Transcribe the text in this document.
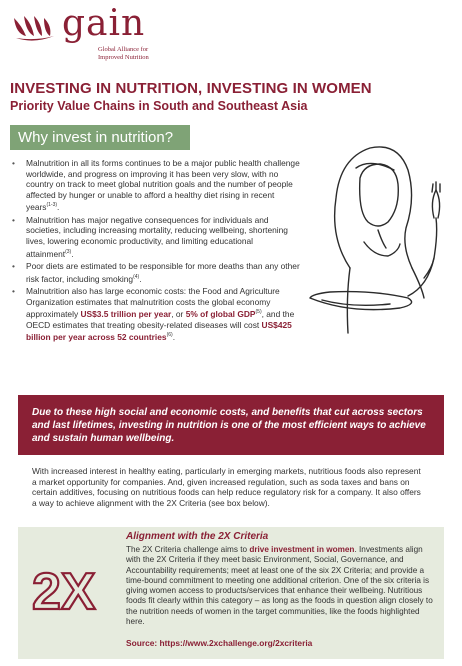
gain
Global Alliance for
Improved Nutrition
INVESTING IN NUTRITION, INVESTING IN WOMEN
Priority Value Chains in South and Southeast Asia
Why invest in nutrition?
• Malnutrition in all its forms continues to be a major public health challenge worldwide, and progress on improving it has been very slow, with no country on track to meet global nutrition goals and the number of people affected by hunger or unable to afford a healthy diet rising in recent years$^{(1-3)}$.
• Malnutrition has major negative consequences for individuals and societies, including increasing mortality, reducing wellbeing, shortening lives, lowering economic productivity, and limiting educational attainment$^{(3)}$.
• Poor diets are estimated to be responsible for more deaths than any other risk factor, including smoking$^{(4)}$.
• Malnutrition also has large economic costs: the Food and Agriculture Organization estimates that malnutrition costs the global economy approximately US$3.5 trillion per year, or 5% of global GDP$^{(5)}$, and the OECD estimates that treating obesity-related diseases will cost US$425 billion per year across 52 countries$^{(6)}$.
Due to these high social and economic costs, and benefits that cut across sectors and last lifetimes, investing in nutrition is one of the most efficient ways to achieve and sustain human wellbeing.
With increased interest in healthy eating, particularly in emerging markets, nutritious foods also represent a market opportunity for companies. And, given increased regulation, such as soda taxes and bans on certain additives, focusing on nutritious foods can help reduce regulatory risk for a company. It also offers a way to achieve alignment with the 2X Criteria (see box below).
2X
Alignment with the 2X Criteria
The 2X Criteria challenge aims to drive investment in women. Investments align with the 2X Criteria if they meet basic Environment, Social, Governance, and Accountability requirements; meet at least one of the six 2X Criteria; and provide a time-bound commitment to meeting one additional criterion. One of the six criteria is giving women access to products/services that enhance their wellbeing. Nutritious foods fit clearly within this category – as long as the foods in question align closely to the nutrition needs of women in the target communities, like the foods highlighted here.
Source: https://www.2xchallenge.org/2xcriteria
